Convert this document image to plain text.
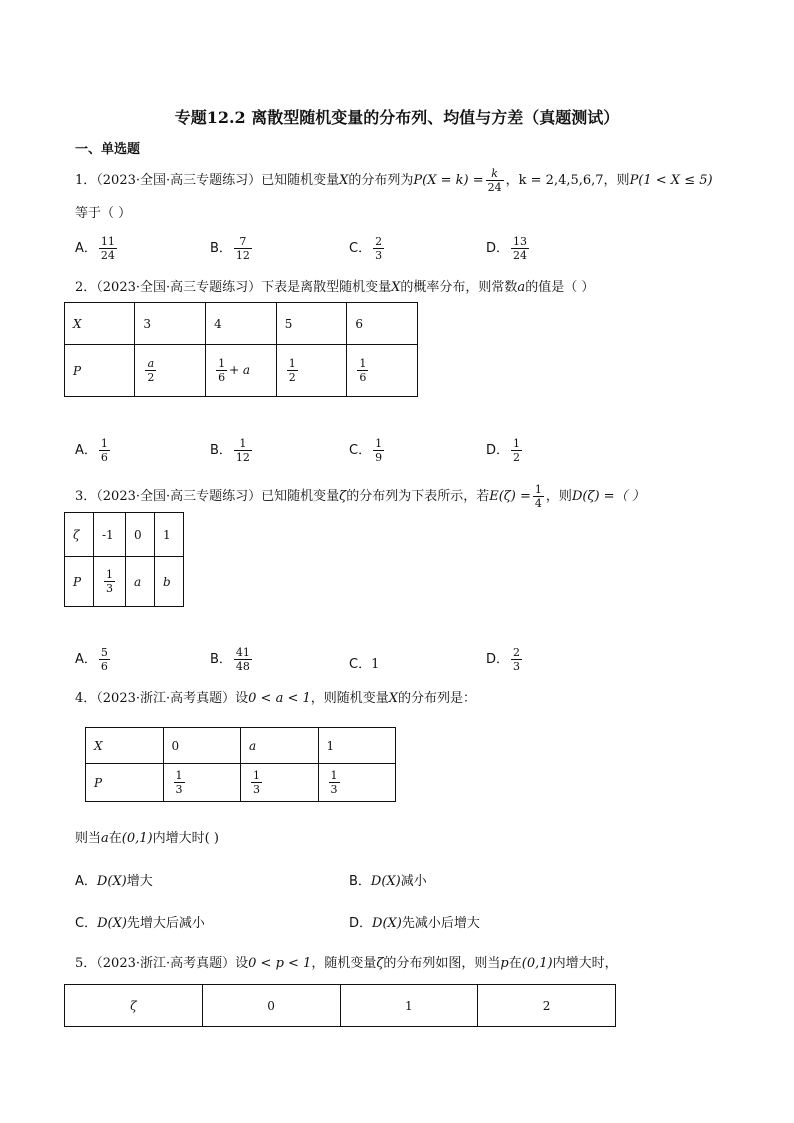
专题12.2 离散型随机变量的分布列、均值与方差（真题测试）
一、单选题
1．（2023·全国·高三专题练习）已知随机变量X的分布列为$P(X = k) = \frac{k}{24}$ ，k = 2,4,5,6,7，则P(1 < X ≤ 5)
等于（ ）
A． $\frac{11}{24}$	B． $\frac{7}{12}$	C． $\frac{2}{3}$	D． $\frac{13}{24}$
2．（2023·全国·高三专题练习）下表是离散型随机变量X的概率分布，则常数a的值是（ ）
X	3	4	5	6
P	$\frac{a}{2}$	$\frac{1}{6} + a$	$\frac{1}{2}$	$\frac{1}{6}$
A． $\frac{1}{6}$	B． $\frac{1}{12}$	C． $\frac{1}{9}$	D． $\frac{1}{2}$
3．（2023·全国·高三专题练习）已知随机变量ζ的分布列为下表所示，若$E(\zeta) = \frac{1}{4}$ ，则D(ζ) =（ ）
ζ	-1	0	1
P	$\frac{1}{3}$	a	b
A． $\frac{5}{6}$	B． $\frac{41}{48}$	C．1	D． $\frac{2}{3}$
4．（2023·浙江·高考真题）设0 < a < 1，则随机变量X的分布列是：
X	0	a	1
P	$\frac{1}{3}$	$\frac{1}{3}$	$\frac{1}{3}$
则当a在(0,1)内增大时( )
A．D(X)增大	B．D(X)减小
C．D(X)先增大后减小	D．D(X)先减小后增大
5．（2023·浙江·高考真题）设0 < p < 1，随机变量ζ的分布列如图，则当p在(0,1)内增大时，
ζ	0	1	2
